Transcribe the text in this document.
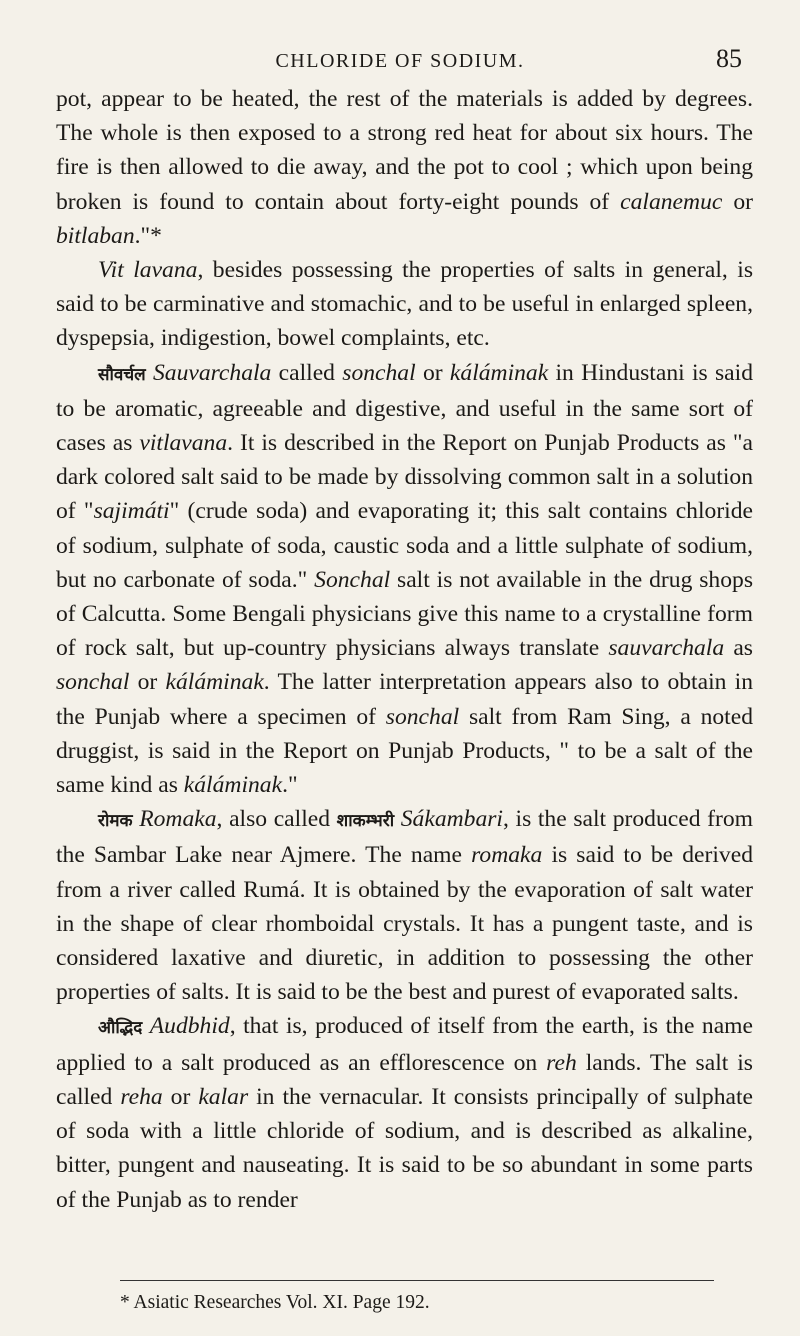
CHLORIDE OF SODIUM.	85

pot, appear to be heated, the rest of the materials is added by degrees. The whole is then exposed to a strong red heat for about six hours. The fire is then allowed to die away, and the pot to cool ; which upon being broken is found to contain about forty-eight pounds of calanemuc or bitlaban."*

Vit lavana, besides possessing the properties of salts in general, is said to be carminative and stomachic, and to be useful in enlarged spleen, dyspepsia, indigestion, bowel complaints, etc.

सौवर्चल Sauvarchala called sonchal or káláminak in Hindustani is said to be aromatic, agreeable and digestive, and useful in the same sort of cases as vitlavana. It is described in the Report on Punjab Products as "a dark colored salt said to be made by dissolving common salt in a solution of "sajimáti" (crude soda) and evaporating it; this salt contains chloride of sodium, sulphate of soda, caustic soda and a little sulphate of sodium, but no carbonate of soda." Sonchal salt is not available in the drug shops of Calcutta. Some Bengali physicians give this name to a crystalline form of rock salt, but up-country physicians always translate sauvarchala as sonchal or káláminak. The latter interpretation appears also to obtain in the Punjab where a specimen of sonchal salt from Ram Sing, a noted druggist, is said in the Report on Punjab Products, " to be a salt of the same kind as káláminak."

रोमक Romaka, also called शाकम्भरी Sákambari, is the salt produced from the Sambar Lake near Ajmere. The name romaka is said to be derived from a river called Rumá. It is obtained by the evaporation of salt water in the shape of clear rhomboidal crystals. It has a pungent taste, and is considered laxative and diuretic, in addition to possessing the other properties of salts. It is said to be the best and purest of evaporated salts.

औद्भिद Audbhid, that is, produced of itself from the earth, is the name applied to a salt produced as an efflorescence on reh lands. The salt is called reha or kalar in the vernacular. It consists principally of sulphate of soda with a little chloride of sodium, and is described as alkaline, bitter, pungent and nauseating. It is said to be so abundant in some parts of the Punjab as to render

* Asiatic Researches Vol. XI. Page 192.
